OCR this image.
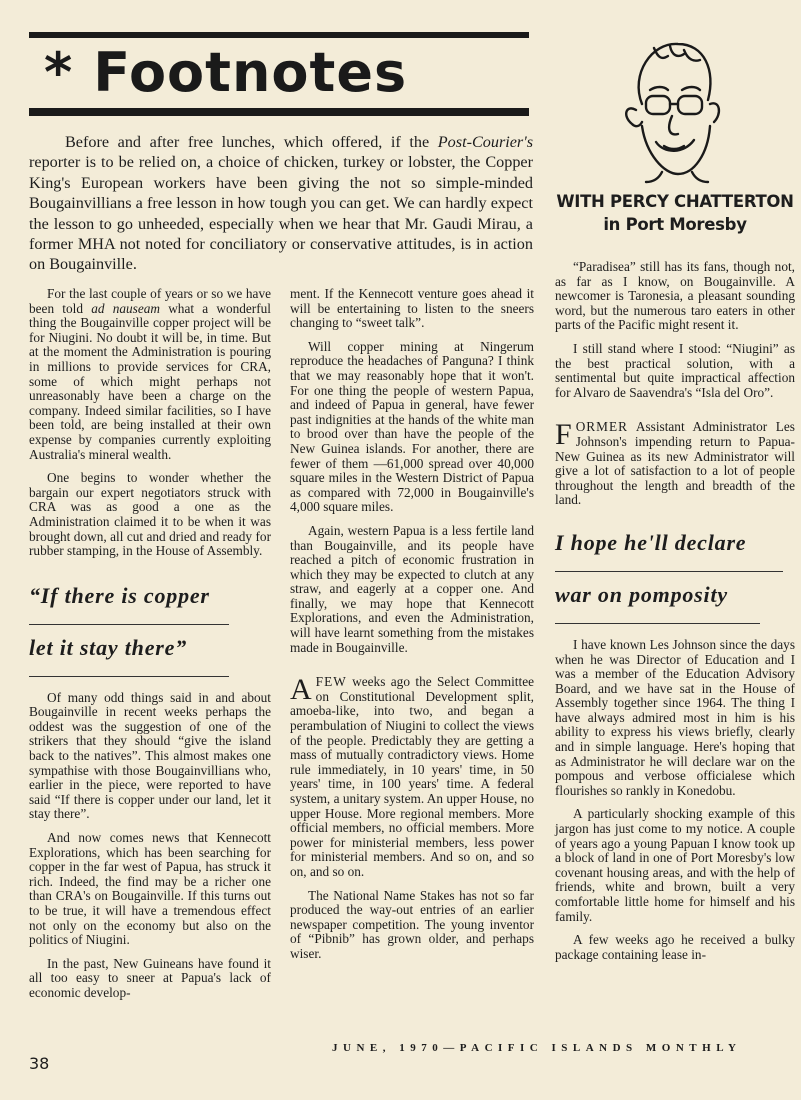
* Footnotes
Before and after free lunches, which offered, if the Post-Courier's reporter is to be relied on, a choice of chicken, turkey or lobster, the Copper King's European workers have been giving the not so simple-minded Bougainvillians a free lesson in how tough you can get. We can hardly expect the lesson to go unheeded, especially when we hear that Mr. Gaudi Mirau, a former MHA not noted for conciliatory or conservative attitudes, is in action on Bougainville.
WITH PERCY CHATTERTON
in Port Moresby

For the last couple of years or so we have been told ad nauseam what a wonderful thing the Bougainville copper project will be for Niugini. No doubt it will be, in time. But at the moment the Administration is pouring in millions to provide services for CRA, some of which might perhaps not unreasonably have been a charge on the company. Indeed similar facilities, so I have been told, are being installed at their own expense by companies currently exploiting Australia's mineral wealth.

One begins to wonder whether the bargain our expert negotiators struck with CRA was as good a one as the Administration claimed it to be when it was brought down, all cut and dried and ready for rubber stamping, in the House of Assembly.

“If there is copper

let it stay there”

Of many odd things said in and about Bougainville in recent weeks perhaps the oddest was the suggestion of one of the strikers that they should “give the island back to the natives”. This almost makes one sympathise with those Bougainvillians who, earlier in the piece, were reported to have said “If there is copper under our land, let it stay there”.

And now comes news that Kennecott Explorations, which has been searching for copper in the far west of Papua, has struck it rich. Indeed, the find may be a richer one than CRA's on Bougainville. If this turns out to be true, it will have a tremendous effect not only on the economy but also on the politics of Niugini.

In the past, New Guineans have found it all too easy to sneer at Papua's lack of economic develop-

ment. If the Kennecott venture goes ahead it will be entertaining to listen to the sneers changing to “sweet talk”.

Will copper mining at Ningerum reproduce the headaches of Panguna? I think that we may reasonably hope that it won't. For one thing the people of western Papua, and indeed of Papua in general, have fewer past indignities at the hands of the white man to brood over than have the people of the New Guinea islands. For another, there are fewer of them —61,000 spread over 40,000 square miles in the Western District of Papua as compared with 72,000 in Bougainville's 4,000 square miles.

Again, western Papua is a less fertile land than Bougainville, and its people have reached a pitch of economic frustration in which they may be expected to clutch at any straw, and eagerly at a copper one. And finally, we may hope that Kennecott Explorations, and even the Administration, will have learnt something from the mistakes made in Bougainville.

AFEW weeks ago the Select Committee on Constitutional Development split, amoeba-like, into two, and began a perambulation of Niugini to collect the views of the people. Predictably they are getting a mass of mutually contradictory views. Home rule immediately, in 10 years' time, in 50 years' time, in 100 years' time. A federal system, a unitary system. An upper House, no upper House. More regional members. More official members, no official members. More power for ministerial members, less power for ministerial members. And so on, and so on, and so on.

The National Name Stakes has not so far produced the way-out entries of an earlier newspaper competition. The young inventor of “Pibnib” has grown older, and perhaps wiser.

“Paradisea” still has its fans, though not, as far as I know, on Bougainville. A newcomer is Taronesia, a pleasant sounding word, but the numerous taro eaters in other parts of the Pacific might resent it.

I still stand where I stood: “Niugini” as the best practical solution, with a sentimental but quite impractical affection for Alvaro de Saavendra's “Isla del Oro”.

FORMER Assistant Administrator Les Johnson's impending return to Papua-New Guinea as its new Administrator will give a lot of satisfaction to a lot of people throughout the length and breadth of the land.

I hope he'll declare

war on pomposity

I have known Les Johnson since the days when he was Director of Education and I was a member of the Education Advisory Board, and we have sat in the House of Assembly together since 1964. The thing I have always admired most in him is his ability to express his views briefly, clearly and in simple language. Here's hoping that as Administrator he will declare war on the pompous and verbose officialese which flourishes so rankly in Konedobu.

A particularly shocking example of this jargon has just come to my notice. A couple of years ago a young Papuan I know took up a block of land in one of Port Moresby's low covenant housing areas, and with the help of friends, white and brown, built a very comfortable little home for himself and his family.

A few weeks ago he received a bulky package containing lease in-

38
JUNE, 1970—PACIFIC ISLANDS MONTHLY
